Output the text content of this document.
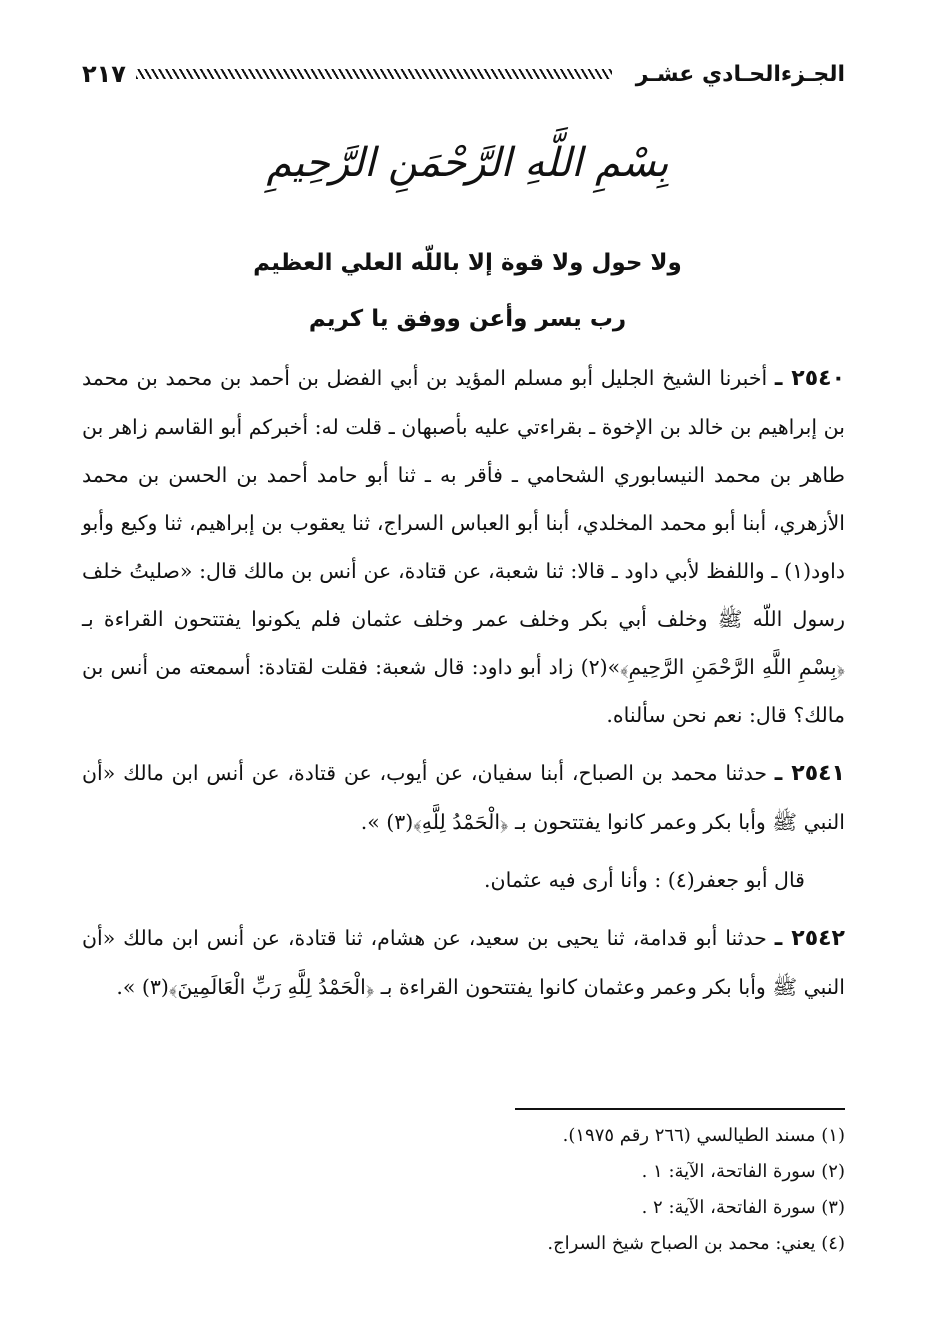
الجـزءالحـادي عشـر
٢١٧
بِسْمِ اللَّهِ الرَّحْمَنِ الرَّحِيمِ
ولا حول ولا قوة إلا باللّه العلي العظيم
رب يسر وأعن ووفق يا كريم

٢٥٤٠ ـ أخبرنا الشيخ الجليل أبو مسلم المؤيد بن أبي الفضل بن أحمد بن محمد بن محمد بن إبراهيم بن خالد بن الإخوة ـ بقراءتي عليه بأصبهان ـ قلت له: أخبركم أبو القاسم زاهر بن طاهر بن محمد النيسابوري الشحامي ـ فأقر به ـ ثنا أبو حامد أحمد بن الحسن بن محمد الأزهري، أبنا أبو محمد المخلدي، أبنا أبو العباس السراج، ثنا يعقوب بن إبراهيم، ثنا وكيع وأبو داود(١) ـ واللفظ لأبي داود ـ قالا: ثنا شعبة، عن قتادة، عن أنس بن مالك قال: «صليتُ خلف رسول اللّه ﷺ وخلف أبي بكر وخلف عمر وخلف عثمان فلم يكونوا يفتتحون القراءة بـ ﴿بِسْمِ اللَّهِ الرَّحْمَنِ الرَّحِيمِ﴾»(٢) زاد أبو داود: قال شعبة: فقلت لقتادة: أسمعته من أنس بن مالك؟ قال: نعم نحن سألناه.

٢٥٤١ ـ حدثنا محمد بن الصباح، أبنا سفيان، عن أيوب، عن قتادة، عن أنس ابن مالك «أن النبي ﷺ وأبا بكر وعمر كانوا يفتتحون بـ ﴿الْحَمْدُ لِلَّهِ﴾(٣) ».

قال أبو جعفر(٤) : وأنا أرى فيه عثمان.

٢٥٤٢ ـ حدثنا أبو قدامة، ثنا يحيى بن سعيد، عن هشام، ثنا قتادة، عن أنس ابن مالك «أن النبي ﷺ وأبا بكر وعمر وعثمان كانوا يفتتحون القراءة بـ ﴿الْحَمْدُ لِلَّهِ رَبِّ الْعَالَمِينَ﴾(٣) ».

(١) مسند الطيالسي (٢٦٦ رقم ١٩٧٥).

(٢) سورة الفاتحة، الآية: ١ .

(٣) سورة الفاتحة، الآية: ٢ .

(٤) يعني: محمد بن الصباح شيخ السراج.
